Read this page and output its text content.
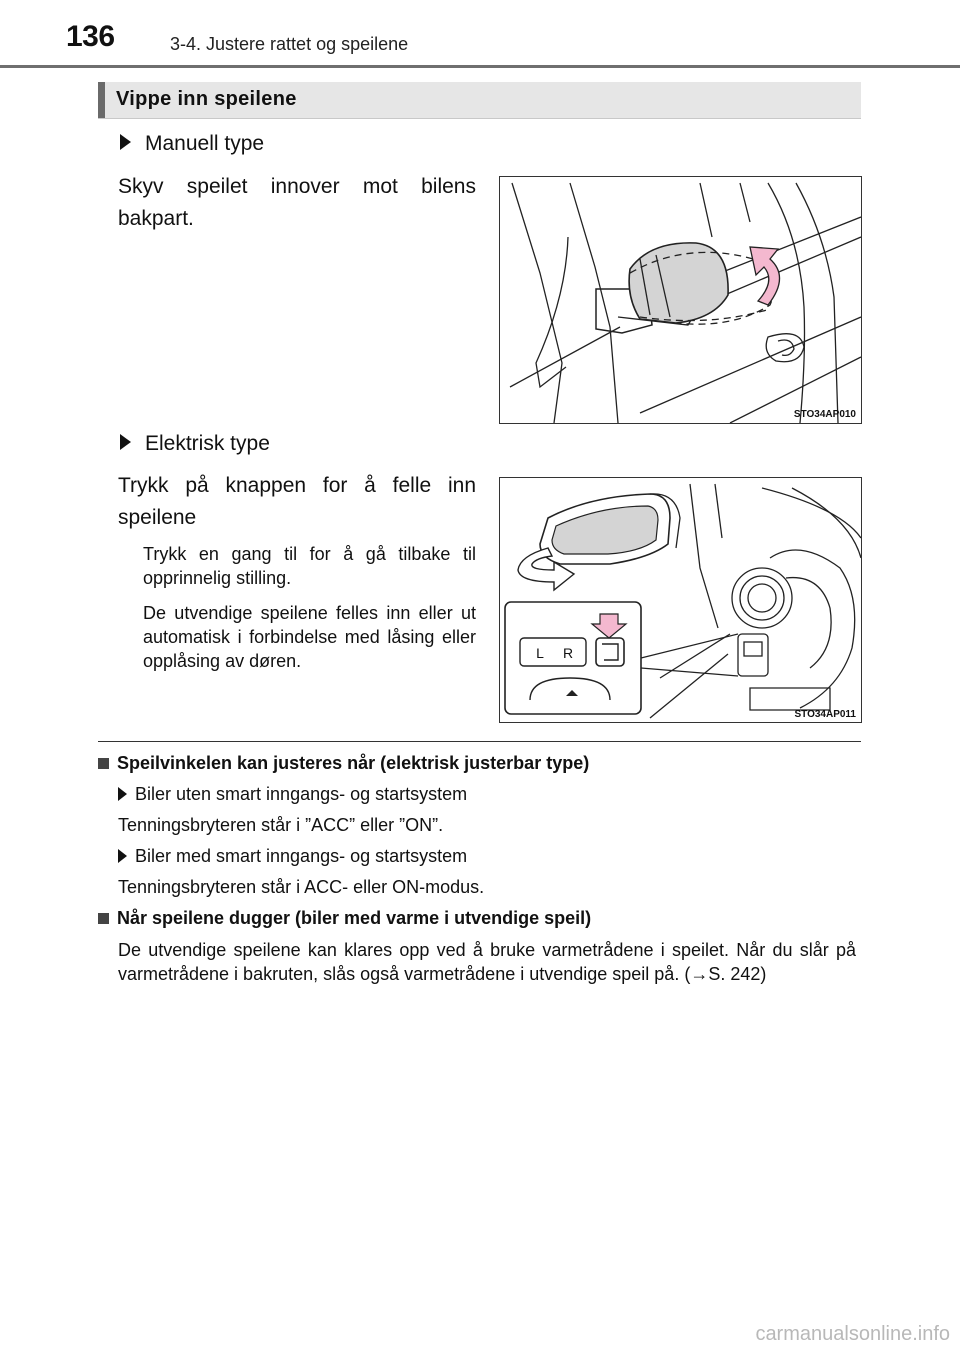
136	3-4. Justere rattet og speilene
Vippe inn speilene
Manuell type
Skyv speilet innover mot bilens bakpart.
STO34AP010
Elektrisk type
Trykk på knappen for å felle inn speilene
Trykk en gang til for å gå tilbake til opprinnelig stilling.
De utvendige speilene felles inn eller ut automatisk i forbindelse med låsing eller opplåsing av døren.	L R
STO34AP011
Speilvinkelen kan justeres når (elektrisk justerbar type)
Biler uten smart inngangs- og startsystem
Tenningsbryteren står i ”ACC” eller ”ON”.
Biler med smart inngangs- og startsystem
Tenningsbryteren står i ACC- eller ON-modus.
Når speilene dugger (biler med varme i utvendige speil)
De utvendige speilene kan klares opp ved å bruke varmetrådene i speilet. Når du slår på varmetrådene i bakruten, slås også varmetrådene i utvendige speil på. (→S. 242)
carmanualsonline.info
